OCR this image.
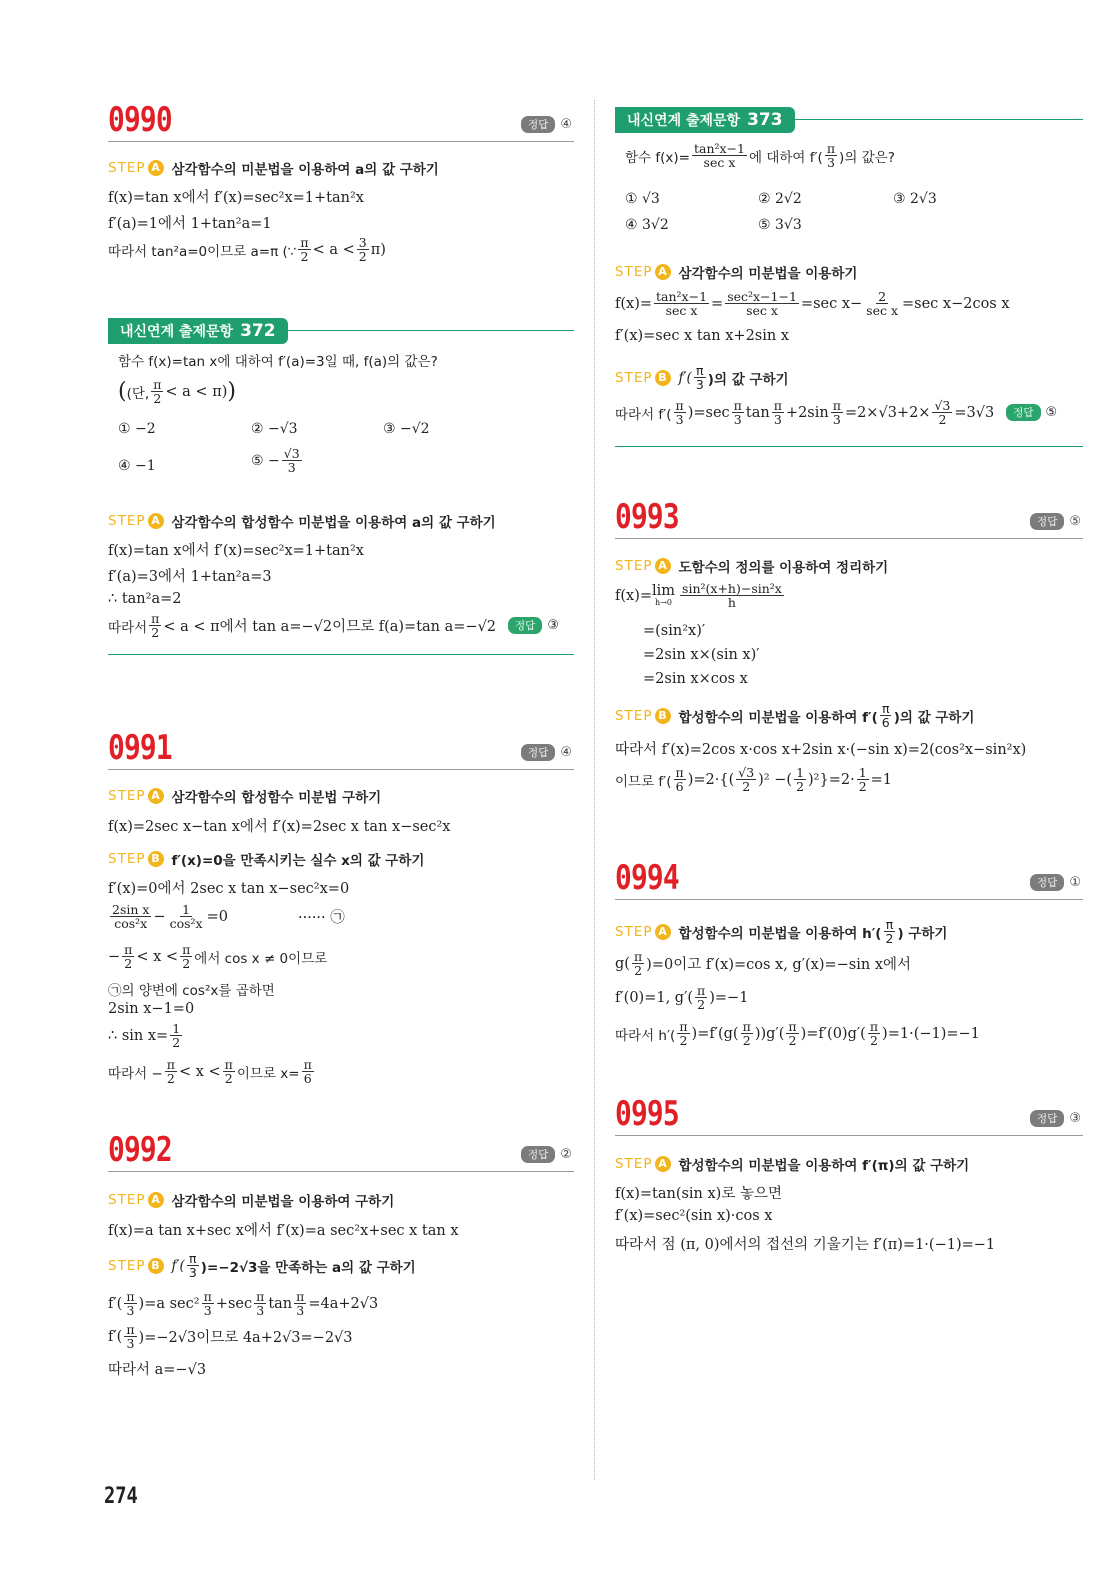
0990	정답 ④
STEP A 삼각함수의 미분법을 이용하여 a의 값 구하기
f(x)=tan x에서 f′(x)=sec²x=1+tan²x
f′(a)=1에서 1+tan²a=1
따라서 tan²a=0이므로 a=π (∵ $\frac{\pi}{2} < a < \frac{3}{2} \pi$)
내신연계 출제문항 372
함수 f(x)=tan x에 대하여 f′(a)=3일 때, f(a)의 값은?
( (단, $\frac{\pi}{2} < a < \pi$) )
① −2	② −√3	③ −√2
④ −1	⑤ − $\frac{√3}{3}$
STEP A 삼각함수의 합성함수 미분법을 이용하여 a의 값 구하기
f(x)=tan x에서 f′(x)=sec²x=1+tan²x
f′(a)=3에서 1+tan²a=3
∴ tan²a=2
따라서 $\frac{\pi}{2} < a < \pi$에서 tan a=−√2이므로 f(a)=tan a=−√2	정답 ③
0991	정답 ④
STEP A 삼각함수의 합성함수 미분법 구하기
f(x)=2sec x−tan x에서 f′(x)=2sec x tan x−sec²x
STEP B f′(x)=0을 만족시키는 실수 x의 값 구하기
f′(x)=0에서 2sec x tan x−sec²x=0
$\frac{\text{2sin x}}{\text{cos²x}} - \frac{1}{\text{cos²x}} =0$	······ ㉠
− $\frac{\pi}{2} < x < \frac{\pi}{2}$ 에서 cos x ≠ 0이므로
㉠의 양변에 cos²x를 곱하면
2sin x−1=0
∴ $\sin x= \frac{1}{2}$
따라서 − $\frac{\pi}{2} < x < \frac{\pi}{2}$ 이므로 $x= \frac{\pi}{6}$
0992	정답 ②
STEP A 삼각함수의 미분법을 이용하여 구하기
f(x)=a tan x+sec x에서 f′(x)=a sec²x+sec x tan x
STEP B $f'( \frac{\pi}{3} )=-2√3$을 만족하는 a의 값 구하기
$f'( \frac{\pi}{3} )=a$ $\sec^2 \frac{\pi}{3} +\sec \frac{\pi}{3}$ $\tan \frac{\pi}{3} =4a+2√3$
$f'( \frac{\pi}{3} )=-2√3$이므로 4a+2√3=−2√3
따라서 a=−√3
내신연계 출제문항 373
함수 $f(x)= \frac{\text{tan²x−1}}{\text{sec x}}$ 에 대하여 $f'( \frac{\pi}{3}$ )의 값은?
① √3	② 2√2	③ 2√3
④ 3√2	⑤ 3√3
STEP A 삼각함수의 미분법을 이용하기
$f(x)= \frac{\text{tan²x−1}}{\text{sec x}} = \frac{\text{sec²x−1−1}}{\text{sec x}} =\sec$ $x- \frac{2}{\text{sec x}} =\sec$ x−2cos x
f′(x)=sec x tan x+2sin x
STEP B $f'( \frac{\pi}{3}$ )의 값 구하기
따라서 $f'( \frac{\pi}{3} )=\sec \frac{\pi}{3}$ $\tan \frac{\pi}{3} +2\sin \frac{\pi}{3} =2\times√3+2\times \frac{√3}{2} =3√3$	정답 ⑤
0993	정답 ⑤
STEP A 도함수의 정의를 이용하여 정리하기
f(x)= lim
$h\to 0 \frac{\text{sin²(x+h)−sin²x}}{h}$
=(sin²x)′
=2sin x×(sin x)′
=2sin x×cos x
STEP B 합성함수의 미분법을 이용하여 $f'( \frac{\pi}{6}$ )의 값 구하기
따라서 f′(x)=2cos x·cos x+2sin x·(−sin x)=2(cos²x−sin²x)
이므로 $f'( \frac{\pi}{6} )=2\cdot\{( \frac{√3}{2} )^2$ −( $\frac{1}{2} )^2\}=2\cdot \frac{1}{2} =1$
0994	정답 ①
STEP A 합성함수의 미분법을 이용하여 $h'( \frac{\pi}{2}$ ) 구하기
$g( \frac{\pi}{2} )=0$이고 f′(x)=cos x, g′(x)=−sin x에서
f′(0)=1, $g'( \frac{\pi}{2} )=-1$
따라서 $h'( \frac{\pi}{2} )=f'(g( \frac{\pi}{2} ))g'( \frac{\pi}{2} )=f'(0)g'( \frac{\pi}{2} )=1\cdot(-1)=-1$
0995	정답 ③
STEP A 합성함수의 미분법을 이용하여 f′(π)의 값 구하기
f(x)=tan(sin x)로 놓으면
f′(x)=sec²(sin x)·cos x
따라서 점 (π, 0)에서의 접선의 기울기는 f′(π)=1·(−1)=−1
274
